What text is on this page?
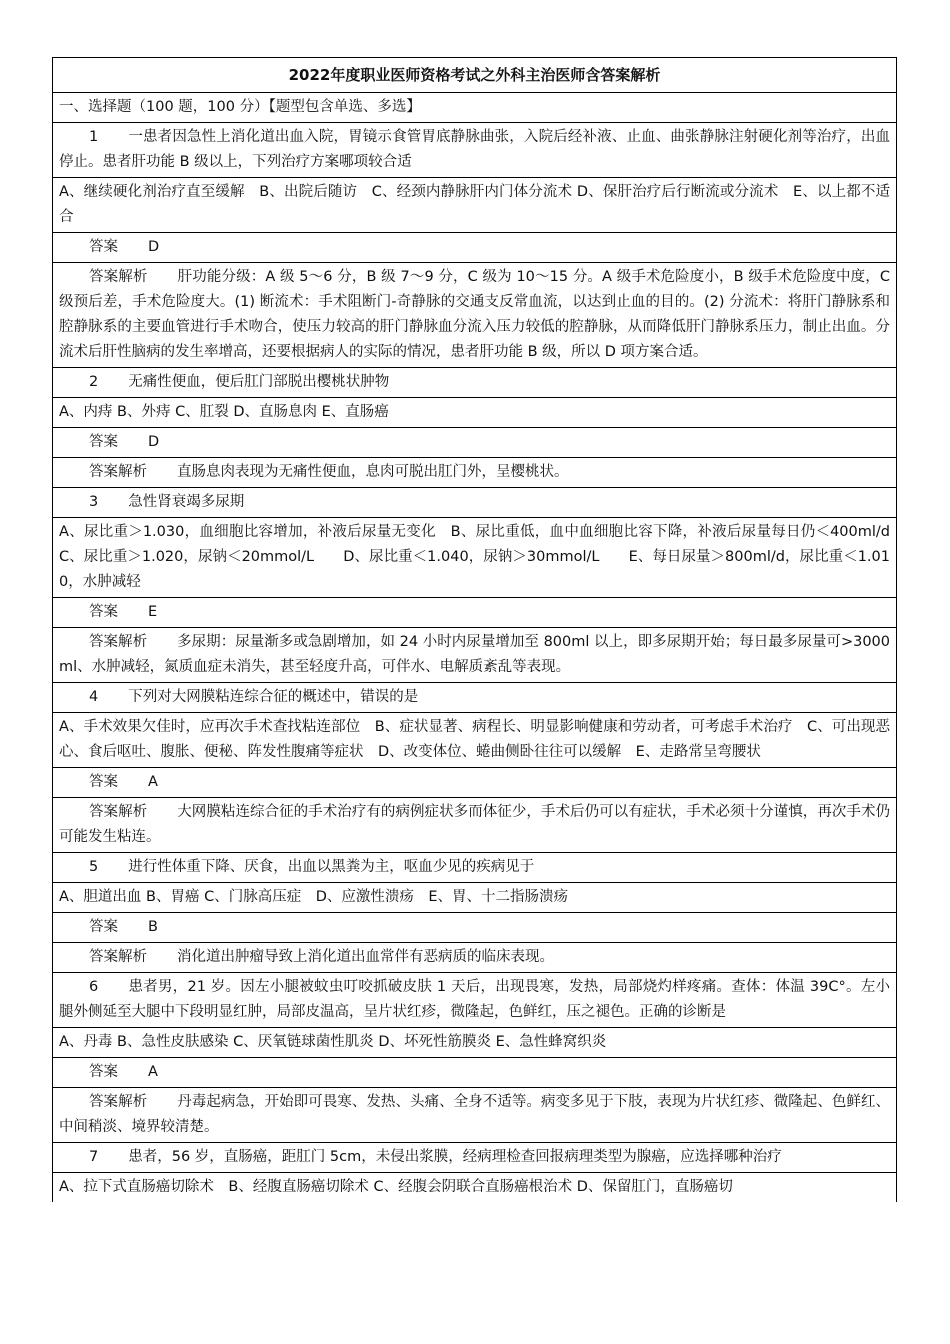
2022年度职业医师资格考试之外科主治医师含答案解析
一、选择题（100 题，100 分）【题型包含单选、多选】
1 一患者因急性上消化道出血入院，胃镜示食管胃底静脉曲张，入院后经补液、止血、曲张静脉注射硬化剂等治疗，出血停止。患者肝功能 B 级以上，下列治疗方案哪项较合适
A、继续硬化剂治疗直至缓解　B、出院后随访　C、经颈内静脉肝内门体分流术 D、保肝治疗后行断流或分流术　E、以上都不适合
答案 D
答案解析 肝功能分级：A 级 5～6 分，B 级 7～9 分，C 级为 10～15 分。A 级手术危险度小，B 级手术危险度中度，C 级预后差，手术危险度大。(1) 断流术：手术阻断门-奇静脉的交通支反常血流，以达到止血的目的。(2) 分流术：将肝门静脉系和腔静脉系的主要血管进行手术吻合，使压力较高的肝门静脉血分流入压力较低的腔静脉，从而降低肝门静脉系压力，制止出血。分流术后肝性脑病的发生率增高，还要根据病人的实际的情况，患者肝功能 B 级，所以 D 项方案合适。
2 无痛性便血，便后肛门部脱出樱桃状肿物
A、内痔 B、外痔 C、肛裂 D、直肠息肉 E、直肠癌
答案 D
答案解析 直肠息肉表现为无痛性便血，息肉可脱出肛门外，呈樱桃状。
3 急性肾衰竭多尿期
A、尿比重＞1.030，血细胞比容增加，补液后尿量无变化　B、尿比重低，血中血细胞比容下降，补液后尿量每日仍＜400ml/d C、尿比重＞1.020，尿钠＜20mmol/L　　D、尿比重＜1.040，尿钠＞30mmol/L　　E、每日尿量＞800ml/d，尿比重＜1.010，水肿减轻
答案 E
答案解析 多尿期：尿量渐多或急剧增加，如 24 小时内尿量增加至 800ml 以上，即多尿期开始；每日最多尿量可>3000ml、水肿减轻，氮质血症未消失，甚至轻度升高，可伴水、电解质紊乱等表现。
4 下列对大网膜粘连综合征的概述中，错误的是
A、手术效果欠佳时，应再次手术查找粘连部位　B、症状显著、病程长、明显影响健康和劳动者，可考虑手术治疗　C、可出现恶心、食后呕吐、腹胀、便秘、阵发性腹痛等症状　D、改变体位、蜷曲侧卧往往可以缓解　E、走路常呈弯腰状
答案 A
答案解析 大网膜粘连综合征的手术治疗有的病例症状多而体征少，手术后仍可以有症状，手术必须十分谨慎，再次手术仍可能发生粘连。
5 进行性体重下降、厌食，出血以黑粪为主，呕血少见的疾病见于
A、胆道出血 B、胃癌 C、门脉高压症　D、应激性溃疡　E、胃、十二指肠溃疡
答案 B
答案解析 消化道出肿瘤导致上消化道出血常伴有恶病质的临床表现。
6 患者男，21 岁。因左小腿被蚊虫叮咬抓破皮肤 1 天后，出现畏寒，发热，局部烧灼样疼痛。查体：体温 39C°。左小腿外侧延至大腿中下段明显红肿，局部皮温高，呈片状红疹，微隆起，色鲜红，压之褪色。正确的诊断是
A、丹毒 B、急性皮肤感染 C、厌氧链球菌性肌炎 D、坏死性筋膜炎 E、急性蜂窝织炎
答案 A
答案解析 丹毒起病急，开始即可畏寒、发热、头痛、全身不适等。病变多见于下肢，表现为片状红疹、微隆起、色鲜红、中间稍淡、境界较清楚。
7 患者，56 岁，直肠癌，距肛门 5cm，未侵出浆膜，经病理检查回报病理类型为腺癌，应选择哪种治疗
A、拉下式直肠癌切除术　B、经腹直肠癌切除术 C、经腹会阴联合直肠癌根治术 D、保留肛门，直肠癌切
